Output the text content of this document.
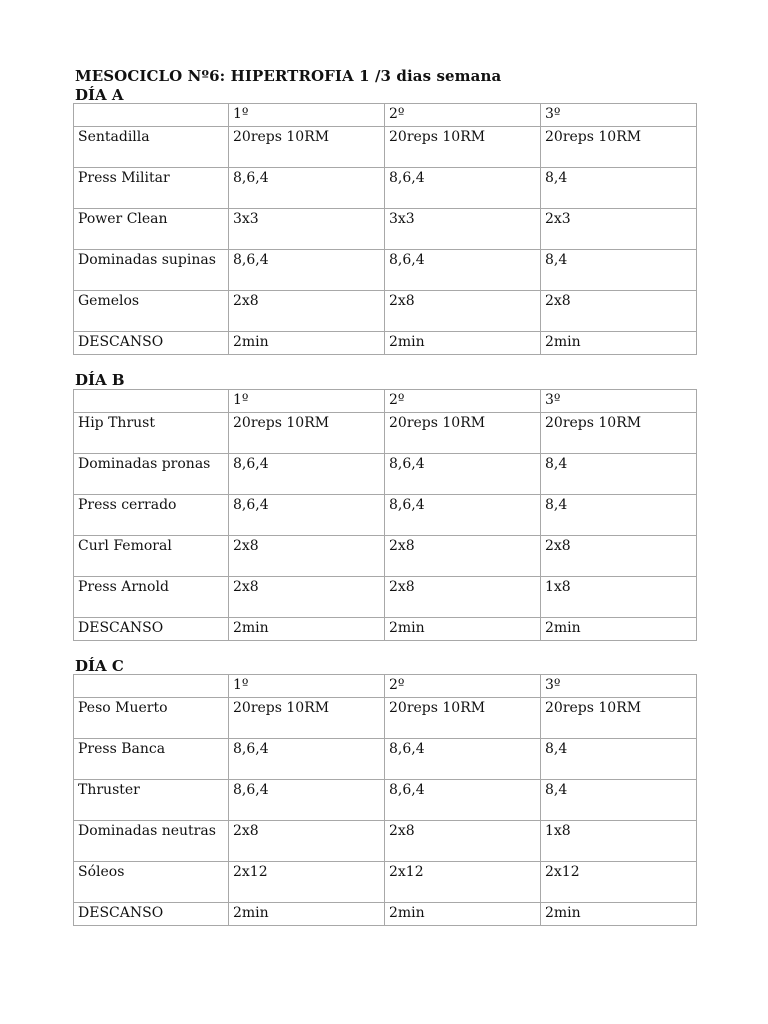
MESOCICLO Nº6: HIPERTROFIA 1 /3 dias semana
DÍA A
	1º	2º	3º
Sentadilla	20reps 10RM	20reps 10RM	20reps 10RM
Press Militar	8,6,4	8,6,4	8,4
Power Clean	3x3	3x3	2x3
Dominadas supinas	8,6,4	8,6,4	8,4
Gemelos	2x8	2x8	2x8
DESCANSO	2min	2min	2min
DÍA B
	1º	2º	3º
Hip Thrust	20reps 10RM	20reps 10RM	20reps 10RM
Dominadas pronas	8,6,4	8,6,4	8,4
Press cerrado	8,6,4	8,6,4	8,4
Curl Femoral	2x8	2x8	2x8
Press Arnold	2x8	2x8	1x8
DESCANSO	2min	2min	2min
DÍA C
	1º	2º	3º
Peso Muerto	20reps 10RM	20reps 10RM	20reps 10RM
Press Banca	8,6,4	8,6,4	8,4
Thruster	8,6,4	8,6,4	8,4
Dominadas neutras	2x8	2x8	1x8
Sóleos	2x12	2x12	2x12
DESCANSO	2min	2min	2min
